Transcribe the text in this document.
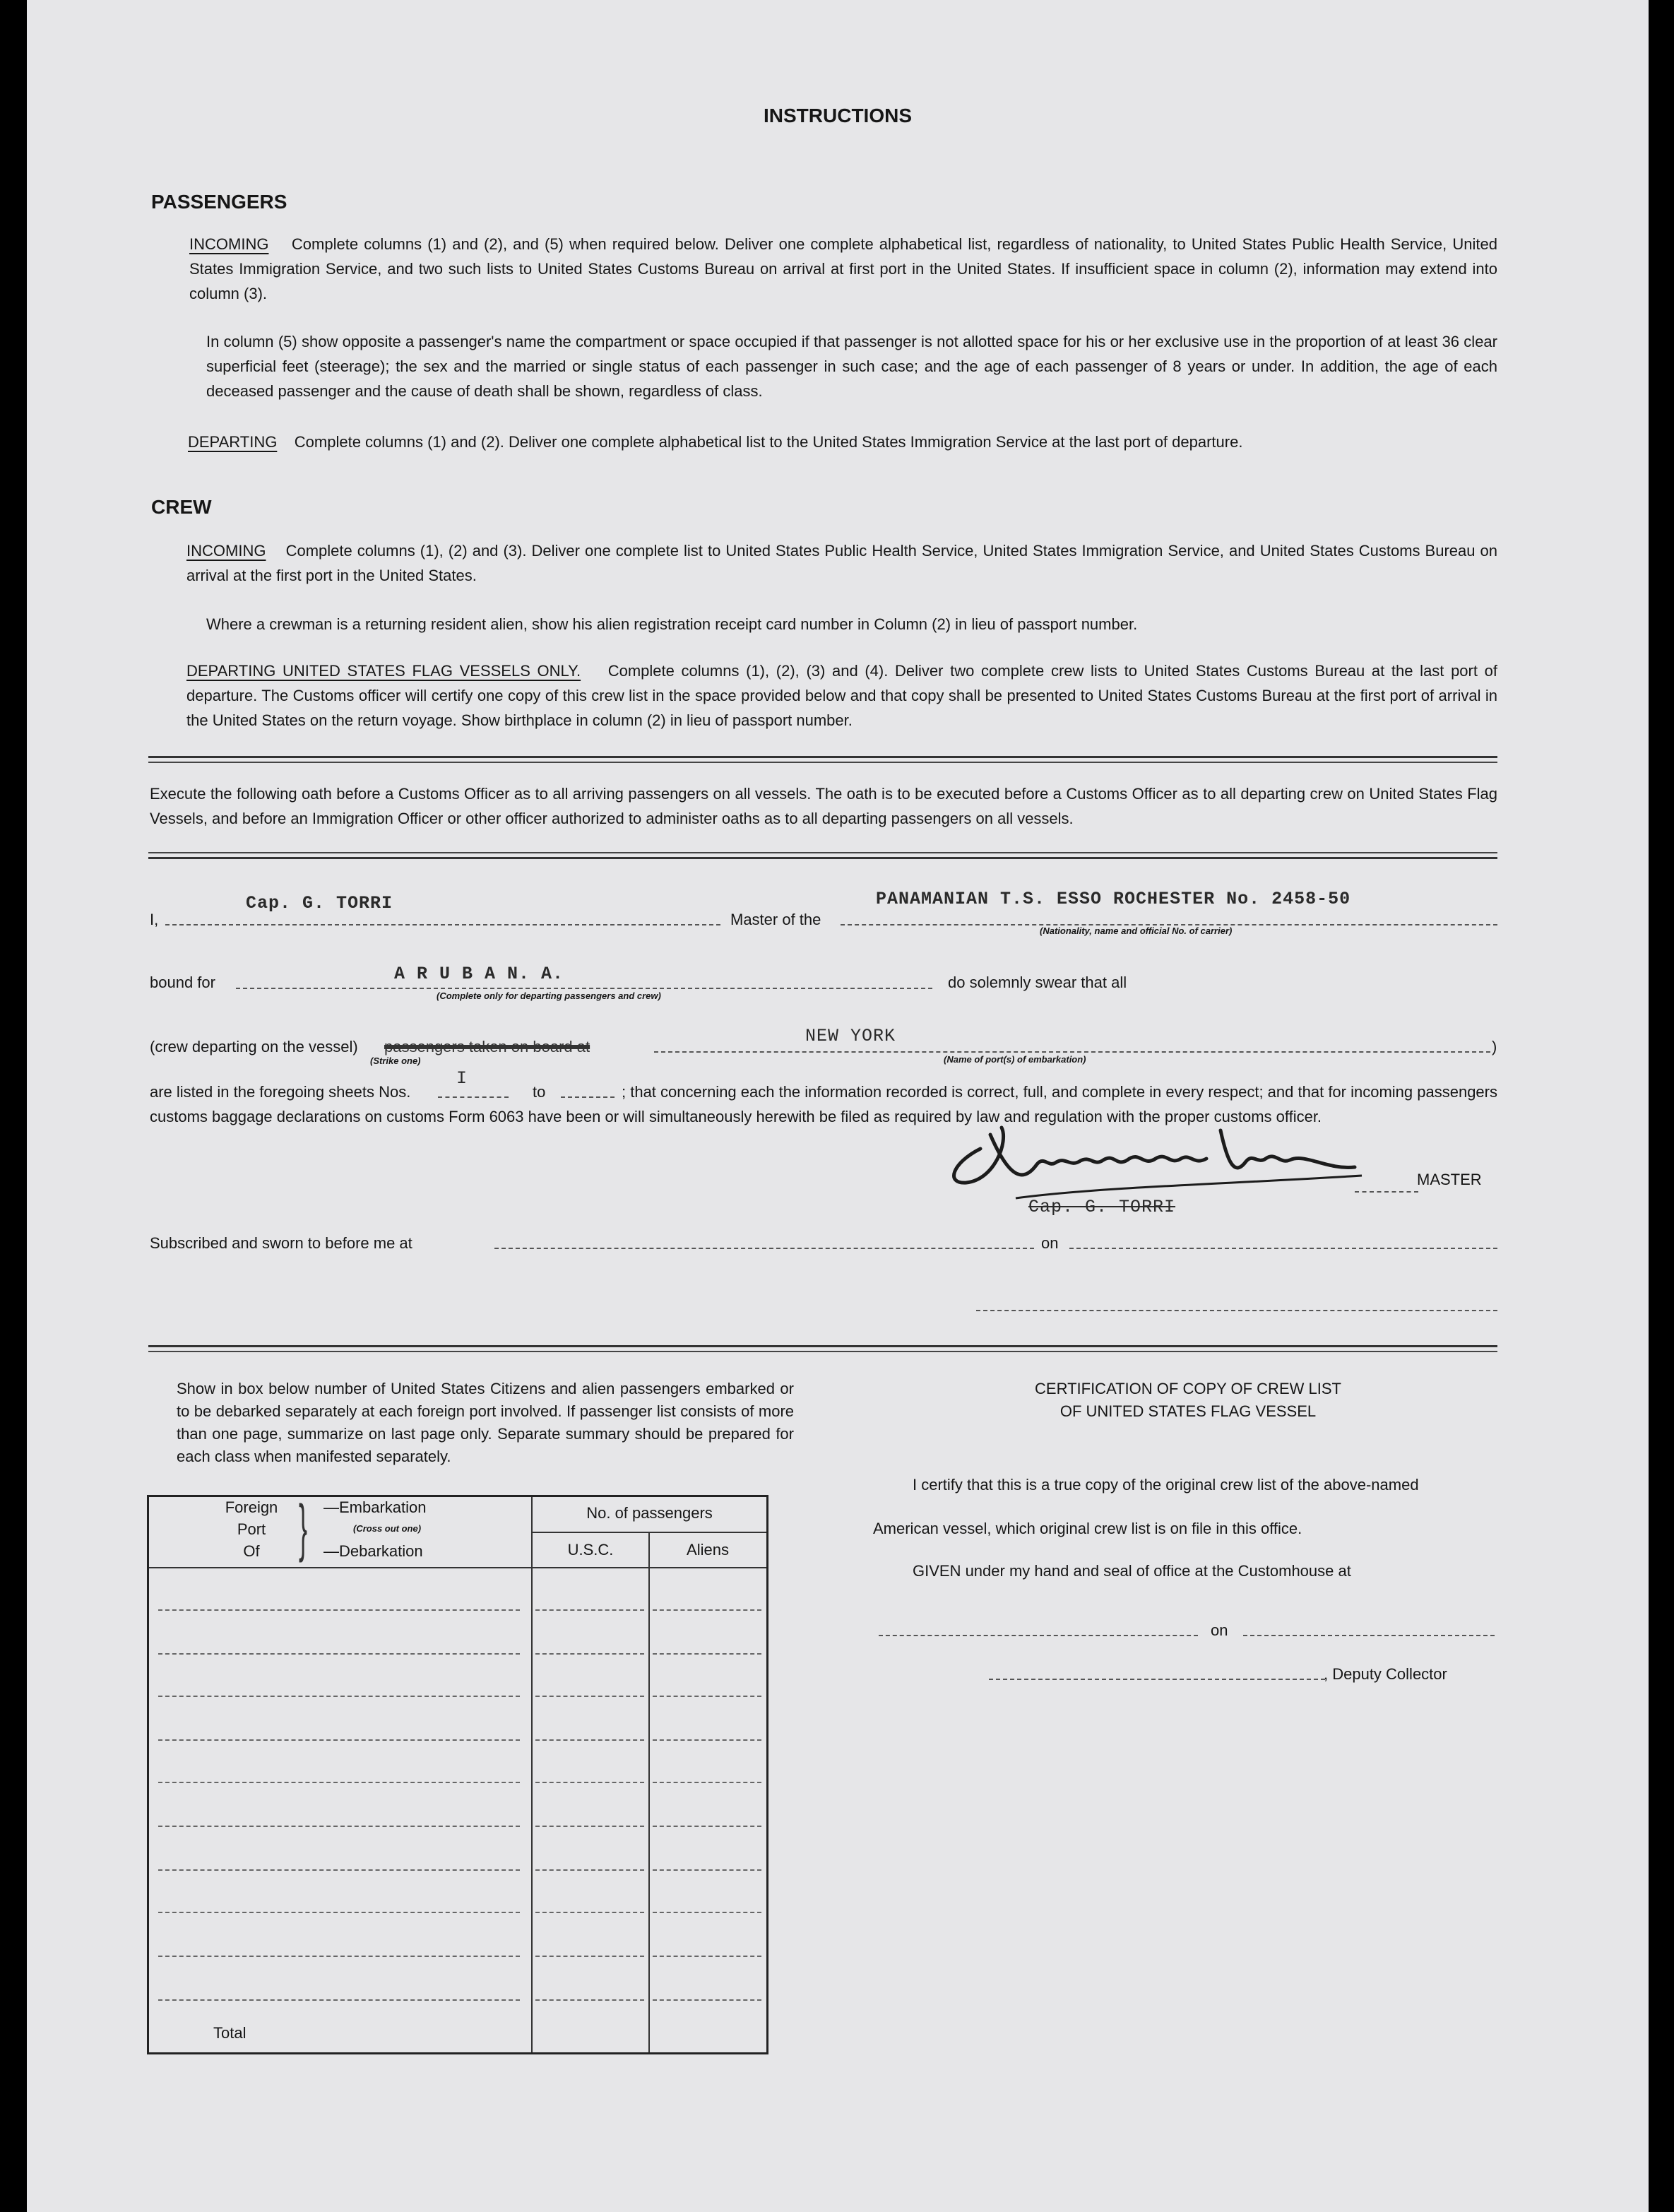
INSTRUCTIONS
PASSENGERS
INCOMING Complete columns (1) and (2), and (5) when required below. Deliver one complete alphabetical list, regardless of nationality, to United States Public Health Service, United States Immigration Service, and two such lists to United States Customs Bureau on arrival at first port in the United States. If insufficient space in column (2), information may extend into column (3).
In column (5) show opposite a passenger's name the compartment or space occupied if that passenger is not allotted space for his or her exclusive use in the proportion of at least 36 clear superficial feet (steerage); the sex and the married or single status of each passenger in such case; and the age of each passenger of 8 years or under. In addition, the age of each deceased passenger and the cause of death shall be shown, regardless of class.
DEPARTING Complete columns (1) and (2). Deliver one complete alphabetical list to the United States Immigration Service at the last port of departure.
CREW
INCOMING Complete columns (1), (2) and (3). Deliver one complete list to United States Public Health Service, United States Immigration Service, and United States Customs Bureau on arrival at the first port in the United States.
Where a crewman is a returning resident alien, show his alien registration receipt card number in Column (2) in lieu of passport number.
DEPARTING UNITED STATES FLAG VESSELS ONLY. Complete columns (1), (2), (3) and (4). Deliver two complete crew lists to United States Customs Bureau at the last port of departure. The Customs officer will certify one copy of this crew list in the space provided below and that copy shall be presented to United States Customs Bureau at the first port of arrival in the United States on the return voyage. Show birthplace in column (2) in lieu of passport number.
Execute the following oath before a Customs Officer as to all arriving passengers on all vessels. The oath is to be executed before a Customs Officer as to all departing crew on United States Flag Vessels, and before an Immigration Officer or other officer authorized to administer oaths as to all departing passengers on all vessels.
I,
Cap. G. TORRI
Master of the
PANAMANIAN T.S. ESSO ROCHESTER No. 2458-50
(Nationality, name and official No. of carrier)
bound for	A R U B A N. A.
(Complete only for departing passengers and crew)
do solemnly swear that all
(crew departing on the vessel) passengers taken on board at
(Strike one)
NEW YORK
(Name of port(s) of embarkation)
)
are listed in the foregoing sheets Nos.
I
to	; that concerning each the information recorded is correct, full, and complete in every respect; and that for incoming passengers customs baggage declarations on customs Form 6063 have been or will simultaneously herewith be filed as required by law and regulation with the proper customs officer.
MASTER
Cap. G. TORRI
Subscribed and sworn to before me at	on
Show in box below number of United States Citizens and alien passengers embarked or to be debarked separately at each foreign port involved. If passenger list consists of more than one page, summarize on last page only. Separate summary should be prepared for each class when manifested separately.
Foreign
Port
Of } —Embarkation
(Cross out one)
—Debarkation
No. of passengers
U.S.C.	Aliens
Total
CERTIFICATION OF COPY OF CREW LIST
OF UNITED STATES FLAG VESSEL
I certify that this is a true copy of the original crew list of the above-named
American vessel, which original crew list is on file in this office.
GIVEN under my hand and seal of office at the Customhouse at
on
, Deputy Collector
